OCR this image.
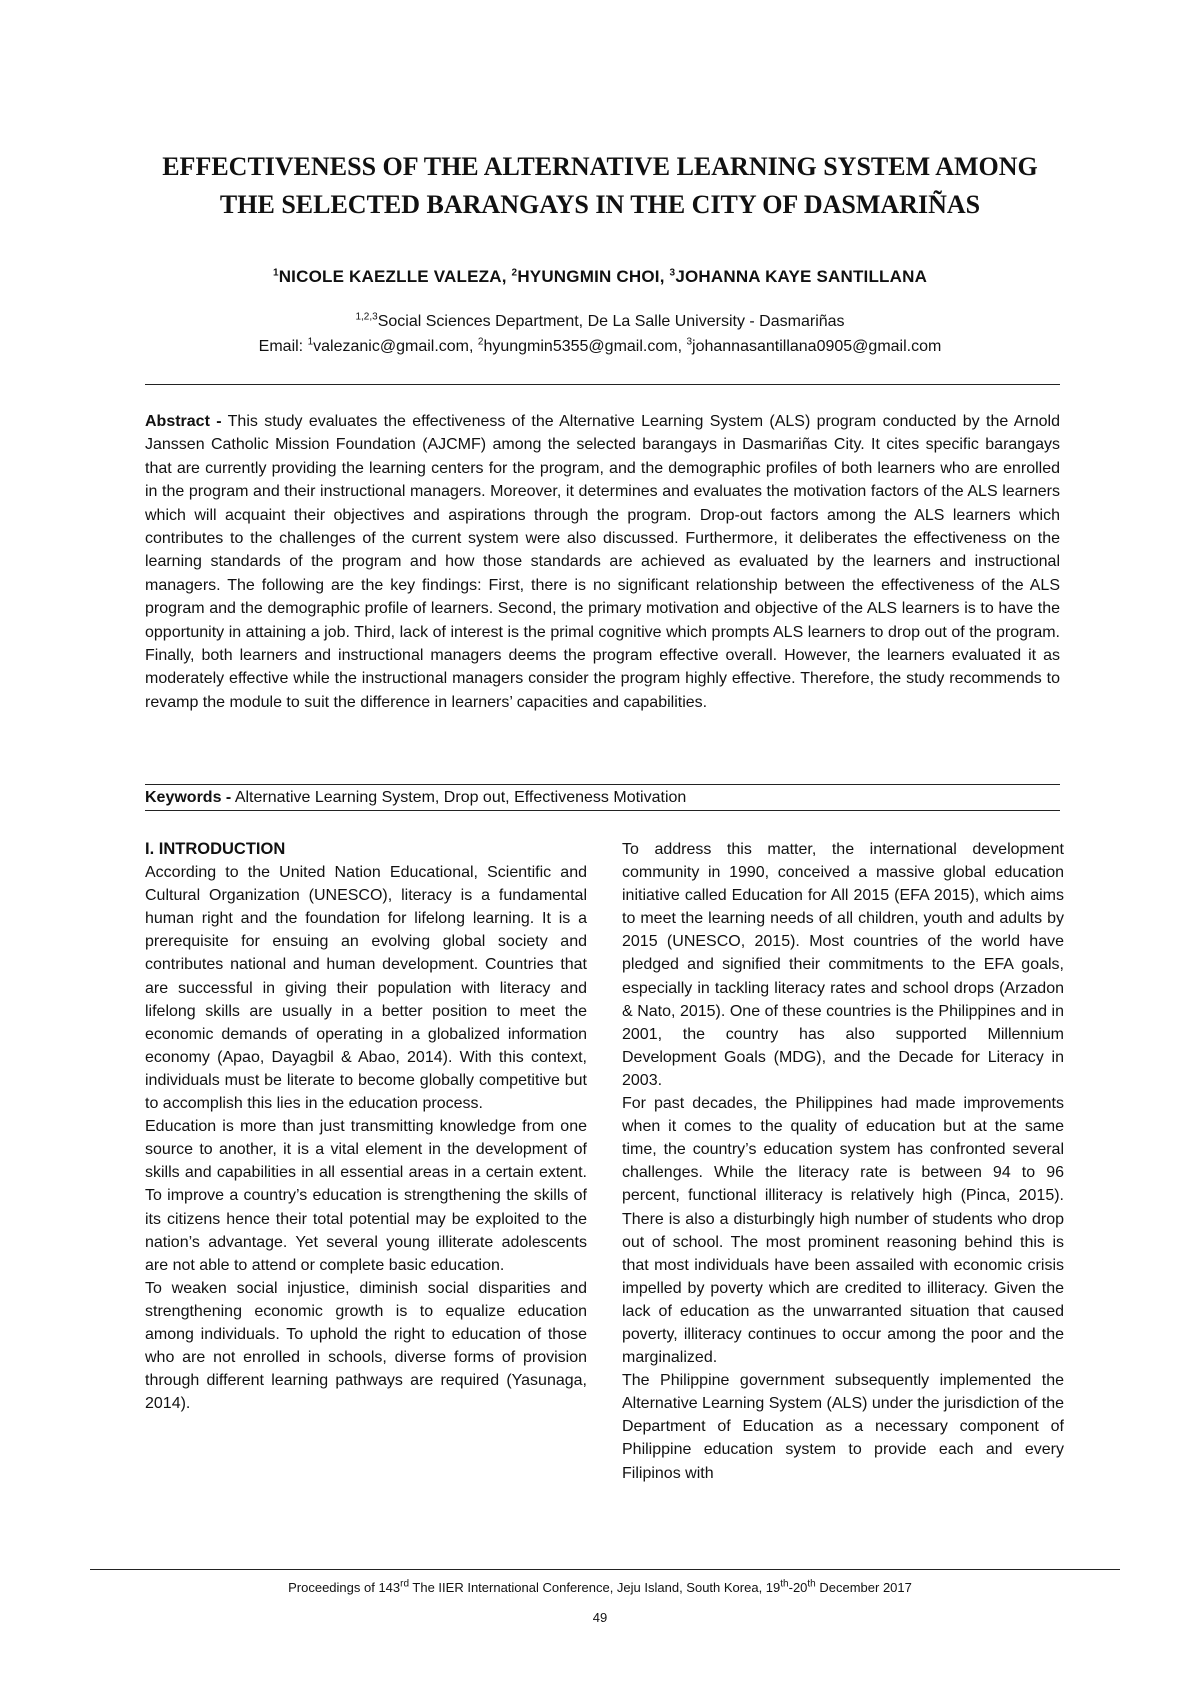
EFFECTIVENESS OF THE ALTERNATIVE LEARNING SYSTEM AMONG THE SELECTED BARANGAYS IN THE CITY OF DASMARIÑAS
$^1$NICOLE KAEZLLE VALEZA, $^2$HYUNGMIN CHOI, $^3$JOHANNA KAYE SANTILLANA
$^{1,2,3}$Social Sciences Department, De La Salle University - Dasmariñas
Email: $^1$valezanic@gmail.com, $^2$hyungmin5355@gmail.com, $^3$johannasantillana0905@gmail.com

Abstract - This study evaluates the effectiveness of the Alternative Learning System (ALS) program conducted by the Arnold Janssen Catholic Mission Foundation (AJCMF) among the selected barangays in Dasmariñas City. It cites specific barangays that are currently providing the learning centers for the program, and the demographic profiles of both learners who are enrolled in the program and their instructional managers. Moreover, it determines and evaluates the motivation factors of the ALS learners which will acquaint their objectives and aspirations through the program. Drop-out factors among the ALS learners which contributes to the challenges of the current system were also discussed. Furthermore, it deliberates the effectiveness on the learning standards of the program and how those standards are achieved as evaluated by the learners and instructional managers. The following are the key findings: First, there is no significant relationship between the effectiveness of the ALS program and the demographic profile of learners. Second, the primary motivation and objective of the ALS learners is to have the opportunity in attaining a job. Third, lack of interest is the primal cognitive which prompts ALS learners to drop out of the program. Finally, both learners and instructional managers deems the program effective overall. However, the learners evaluated it as moderately effective while the instructional managers consider the program highly effective. Therefore, the study recommends to revamp the module to suit the difference in learners’ capacities and capabilities.

Keywords - Alternative Learning System, Drop out, Effectiveness Motivation

I. INTRODUCTION

According to the United Nation Educational, Scientific and Cultural Organization (UNESCO), literacy is a fundamental human right and the foundation for lifelong learning. It is a prerequisite for ensuing an evolving global society and contributes national and human development. Countries that are successful in giving their population with literacy and lifelong skills are usually in a better position to meet the economic demands of operating in a globalized information economy (Apao, Dayagbil & Abao, 2014). With this context, individuals must be literate to become globally competitive but to accomplish this lies in the education process.

Education is more than just transmitting knowledge from one source to another, it is a vital element in the development of skills and capabilities in all essential areas in a certain extent. To improve a country’s education is strengthening the skills of its citizens hence their total potential may be exploited to the nation’s advantage. Yet several young illiterate adolescents are not able to attend or complete basic education.

To weaken social injustice, diminish social disparities and strengthening economic growth is to equalize education among individuals. To uphold the right to education of those who are not enrolled in schools, diverse forms of provision through different learning pathways are required (Yasunaga, 2014).

To address this matter, the international development community in 1990, conceived a massive global education initiative called Education for All 2015 (EFA 2015), which aims to meet the learning needs of all children, youth and adults by 2015 (UNESCO, 2015). Most countries of the world have pledged and signified their commitments to the EFA goals, especially in tackling literacy rates and school drops (Arzadon & Nato, 2015). One of these countries is the Philippines and in 2001, the country has also supported Millennium Development Goals (MDG), and the Decade for Literacy in 2003.

For past decades, the Philippines had made improvements when it comes to the quality of education but at the same time, the country’s education system has confronted several challenges. While the literacy rate is between 94 to 96 percent, functional illiteracy is relatively high (Pinca, 2015). There is also a disturbingly high number of students who drop out of school. The most prominent reasoning behind this is that most individuals have been assailed with economic crisis impelled by poverty which are credited to illiteracy. Given the lack of education as the unwarranted situation that caused poverty, illiteracy continues to occur among the poor and the marginalized.

The Philippine government subsequently implemented the Alternative Learning System (ALS) under the jurisdiction of the Department of Education as a necessary component of Philippine education system to provide each and every Filipinos with

Proceedings of 143rd The IIER International Conference, Jeju Island, South Korea, 19th-20th December 2017
49
